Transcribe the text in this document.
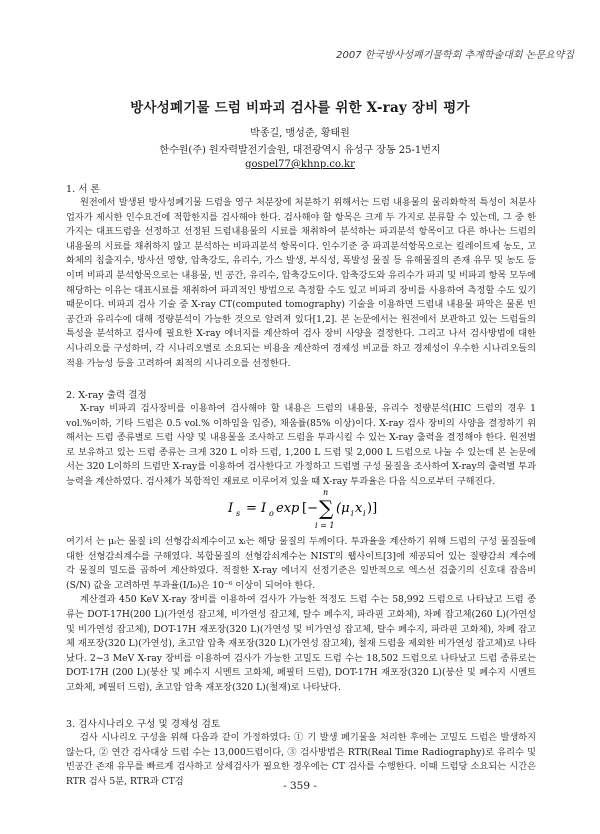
2007 한국방사성폐기물학회 추계학술대회 논문요약집
방사성폐기물 드럼 비파괴 검사를 위한 X-ray 장비 평가
박종길, 맹성준, 황태원
한수원(주) 원자력발전기술원, 대전광역시 유성구 장동 25-1번지
gospel77@khnp.co.kr
1. 서 론

원전에서 발생된 방사성폐기물 드럼을 영구 처분장에 처분하기 위해서는 드럼 내용물의 물리화학적 특성이 처분사업자가 제시한 인수요건에 적합한지를 검사해야 한다. 검사해야 할 항목은 크게 두 가지로 분류할 수 있는데, 그 중 한 가지는 대표드럼을 선정하고 선정된 드럼내용물의 시료를 채취하여 분석하는 파괴분석 항목이고 다른 하나는 드럼의 내용물의 시료를 채취하지 않고 분석하는 비파괴분석 항목이다. 인수기준 중 파괴분석항목으로는 킬레이트제 농도, 고화체의 침출지수, 방사선 영향, 압축강도, 유리수, 가스 발생, 부식성, 폭발성 물질 등 유해물질의 존재 유무 및 농도 등이며 비파괴 분석항목으로는 내용물, 빈 공간, 유리수, 압축강도이다. 압축강도와 유리수가 파괴 및 비파괴 항목 모두에 해당하는 이유는 대표시료를 채취하여 파괴적인 방법으로 측정할 수도 있고 비파괴 장비를 사용하여 측정할 수도 있기 때문이다. 비파괴 검사 기술 중 X-ray CT(computed tomography) 기술을 이용하면 드럼내 내용물 파악은 물론 빈공간과 유리수에 대해 정량분석이 가능한 것으로 알려져 있다[1,2]. 본 논문에서는 원전에서 보관하고 있는 드럼들의 특성을 분석하고 검사에 필요한 X-ray 에너지를 계산하여 검사 장비 사양을 결정한다. 그리고 나서 검사방법에 대한 시나리오를 구성하며, 각 시나리오별로 소요되는 비용을 계산하여 경제성 비교를 하고 경제성이 우수한 시나리오들의 적용 가능성 등을 고려하여 최적의 시나리오를 선정한다.

2. X-ray 출력 결정

X-ray 비파괴 검사장비를 이용하여 검사해야 할 내용은 드럼의 내용물, 유리수 정량분석(HIC 드럼의 경우 1 vol.%이하, 기타 드럼은 0.5 vol.% 이하임을 입증), 채움률(85% 이상)이다. X-ray 검사 장비의 사양을 결정하기 위해서는 드럼 종류별로 드럼 사양 및 내용물을 조사하고 드럼을 투과시킬 수 있는 X-ray 출력을 결정해야 한다. 원전별로 보유하고 있는 드럼 종류는 크게 320 L 이하 드럼, 1,200 L 드럼 및 2,000 L 드럼으로 나눌 수 있는데 본 논문에서는 320 L이하의 드럼만 X-ray를 이용하여 검사한다고 가정하고 드럼별 구성 물질을 조사하여 X-ray의 출력별 투과 능력을 계산하였다. 검사체가 복합적인 재료로 이루어져 있을 때 X-ray 투과율은 다음 식으로부터 구해진다.

I s = I o exp [−
n
∑
i = 1
(μ i x i )]

여기서 는 μᵢ는 물질 i의 선형감쇠계수이고 xᵢ는 해당 물질의 두께이다. 투과율을 계산하기 위해 드럼의 구성 물질들에 대한 선형감쇠계수를 구해였다. 복합물질의 선형감쇠계수는 NIST의 웹사이트[3]에 제공되어 있는 질량감쇠 계수에 각 물질의 밀도를 곱하여 계산하였다. 적절한 X-ray 에너지 선정기준은 일반적으로 엑스선 검출기의 신호대 잡음비(S/N) 값을 고려하면 투과율(I/I₀)은 10⁻⁶ 이상이 되어야 한다.

계산결과 450 KeV X-ray 장비를 이용하여 검사가 가능한 적정도 드럼 수는 58,992 드럼으로 나타났고 드럼 종류는 DOT-17H(200 L)(가연성 잡고체, 비가연성 잡고체, 탈수 폐수지, 파라핀 고화체), 차폐 잡고체(260 L)(가연성 및 비가연성 잡고체), DOT-17H 재포장(320 L)(가연성 및 비가연성 잡고체, 탈수 폐수지, 파라핀 고화체), 차폐 잡고체 재포장(320 L)(가연성), 초고압 압축 재포장(320 L)(가연성 잡고체), 철재 드럼을 제외한 비가연성 잡고체)로 나타났다. 2~3 MeV X-ray 장비를 이용하여 검사가 가능한 고밀도 드럼 수는 18,502 드럼으로 나타났고 드럼 종류로는 DOT-17H (200 L)(붕산 및 폐수지 시멘트 고화체, 폐필터 드럼), DOT-17H 재포장(320 L)(붕산 및 폐수지 시멘트 고화체, 폐필터 드럼), 초고압 압축 재포장(320 L)(철재)로 나타났다.

3. 검사시나리오 구성 및 경제성 검토

검사 시나리오 구성을 위해 다음과 같이 가정하였다: ① 기 발생 폐기물을 처리한 후에는 고밀도 드럼은 발생하지 않는다, ② 연간 검사대상 드럼 수는 13,000드럼이다, ③ 검사방법은 RTR(Real Time Radiography)로 유리수 및 빈공간 존재 유무를 빠르게 검사하고 상세검사가 필요한 경우에는 CT 검사를 수행한다. 이때 드럼당 소요되는 시간은 RTR 검사 5분, RTR과 CT검	- 359 -
